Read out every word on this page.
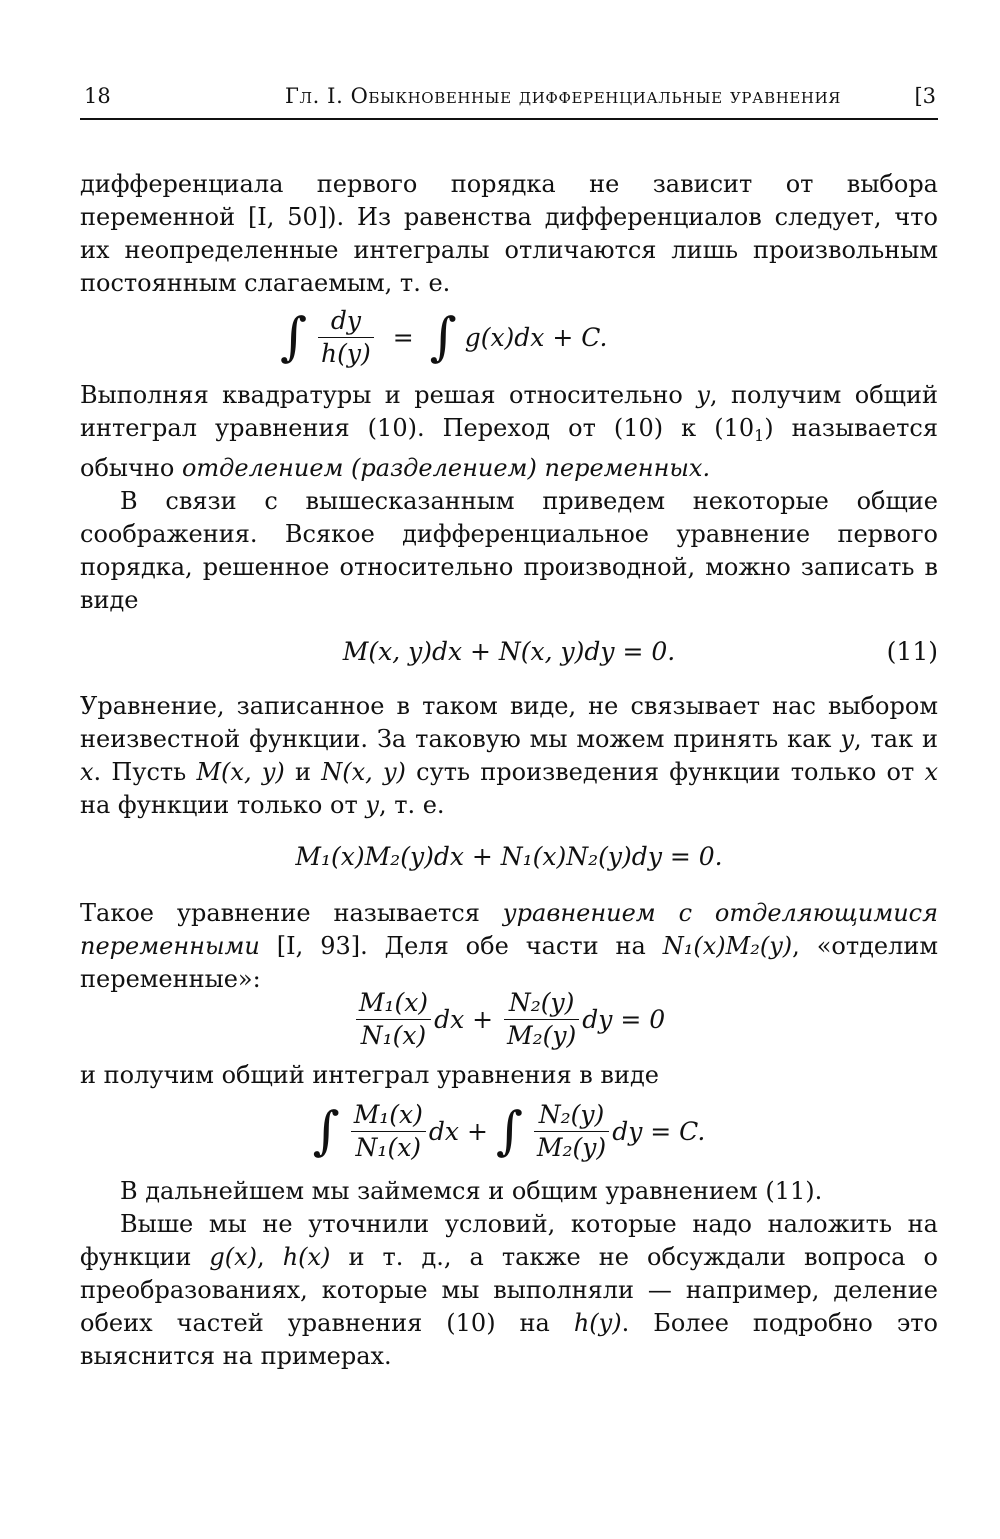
18	Гл. I. Обыкновенные дифференциальные уравнения	[3

дифференциала первого порядка не зависит от выбора переменной [I, 50]). Из равенства дифференциалов следует, что их неопределенные интегралы отличаются лишь произвольным постоянным слагаемым, т. е.

∫ $\frac{dy}{h(y)}$ = ∫ g(x)dx + C.

Выполняя квадратуры и решая относительно y, получим общий интеграл уравнения (10). Переход от (10) к $(10_1)$ называется обычно отделением (разделением) переменных.

В связи с вышесказанным приведем некоторые общие соображения. Всякое дифференциальное уравнение первого порядка, решенное относительно производной, можно записать в виде

M(x, y)dx + N(x, y)dy = 0.	(11)

Уравнение, записанное в таком виде, не связывает нас выбором неизвестной функции. За таковую мы можем принять как y, так и x. Пусть M(x, y) и N(x, y) суть произведения функции только от x на функции только от y, т. е.

M₁(x)M₂(y)dx + N₁(x)N₂(y)dy = 0.

Такое уравнение называется уравнением с отделяющимися переменными [I, 93]. Деля обе части на N₁(x)M₂(y), «отделим переменные»:

$\frac{\text{M₁(x)}}{\text{N₁(x)}}$ dx + $\frac{\text{N₂(y)}}{\text{M₂(y)}}$ dy = 0

и получим общий интеграл уравнения в виде

∫ $\frac{\text{M₁(x)}}{\text{N₁(x)}}$ dx + ∫ $\frac{\text{N₂(y)}}{\text{M₂(y)}}$ dy = C.

В дальнейшем мы займемся и общим уравнением (11).

Выше мы не уточнили условий, которые надо наложить на функции g(x), h(x) и т. д., а также не обсуждали вопроса о преобразованиях, которые мы выполняли — например, деление обеих частей уравнения (10) на h(y). Более подробно это выяснится на примерах.
